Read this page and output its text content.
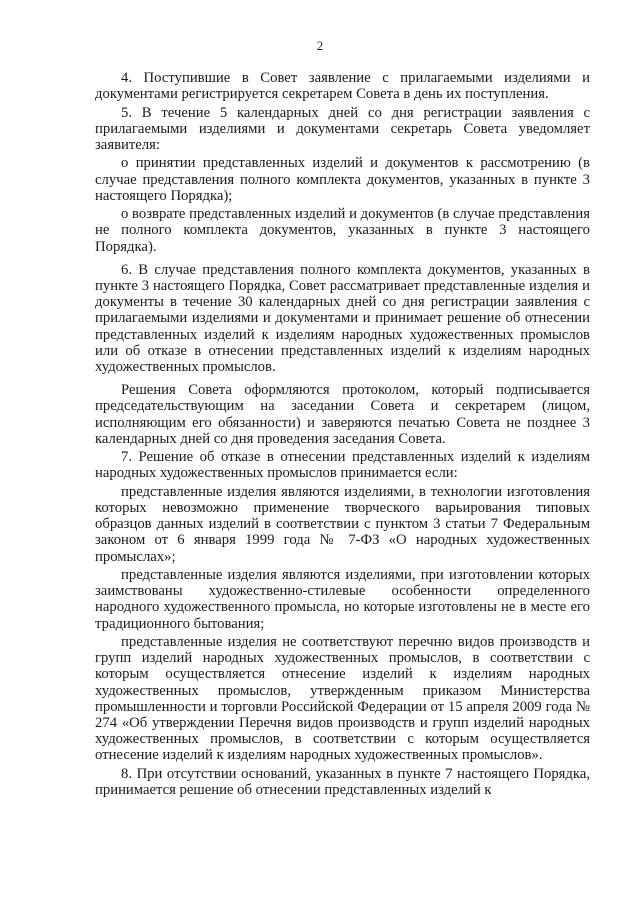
2

4. Поступившие в Совет заявление с прилагаемыми изделиями и документами регистрируется секретарем Совета в день их поступления.

5. В течение 5 календарных дней со дня регистрации заявления с прилагаемыми изделиями и документами секретарь Совета уведомляет заявителя:

о принятии представленных изделий и документов к рассмотрению (в случае представления полного комплекта документов, указанных в пункте 3 настоящего Порядка);

о возврате представленных изделий и документов (в случае представления не полного комплекта документов, указанных в пункте 3 настоящего Порядка).

6. В случае представления полного комплекта документов, указанных в пункте 3 настоящего Порядка, Совет рассматривает представленные изделия и документы в течение 30 календарных дней со дня регистрации заявления с прилагаемыми изделиями и документами и принимает решение об отнесении представленных изделий к изделиям народных художественных промыслов или об отказе в отнесении представленных изделий к изделиям народных художественных промыслов.

Решения Совета оформляются протоколом, который подписывается председательствующим на заседании Совета и секретарем (лицом, исполняющим его обязанности) и заверяются печатью Совета не позднее 3 календарных дней со дня проведения заседания Совета.

7. Решение об отказе в отнесении представленных изделий к изделиям народных художественных промыслов принимается если:

представленные изделия являются изделиями, в технологии изготовления которых невозможно применение творческого варьирования типовых образцов данных изделий в соответствии с пунктом 3 статьи 7 Федеральным законом от 6 января 1999 года № 7-ФЗ «О народных художественных промыслах»;

представленные изделия являются изделиями, при изготовлении которых заимствованы художественно-стилевые особенности определенного народного художественного промысла, но которые изготовлены не в месте его традиционного бытования;

представленные изделия не соответствуют перечню видов производств и групп изделий народных художественных промыслов, в соответствии с которым осуществляется отнесение изделий к изделиям народных художественных промыслов, утвержденным приказом Министерства промышленности и торговли Российской Федерации от 15 апреля 2009 года № 274 «Об утверждении Перечня видов производств и групп изделий народных художественных промыслов, в соответствии с которым осуществляется отнесение изделий к изделиям народных художественных промыслов».

8. При отсутствии оснований, указанных в пункте 7 настоящего Порядка, принимается решение об отнесении представленных изделий к
